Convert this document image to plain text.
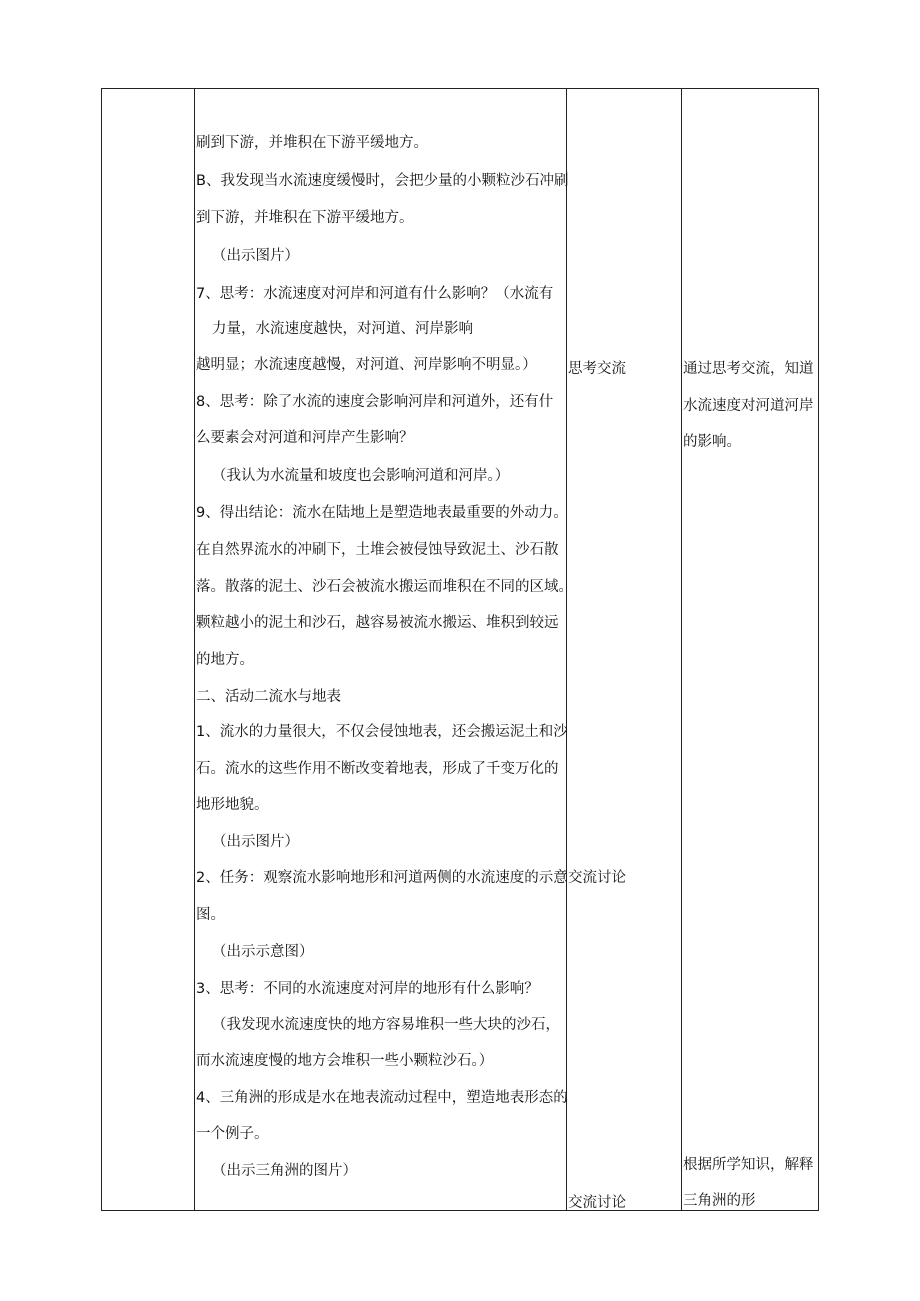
刷到下游，并堆积在下游平缓地方。
B、我发现当水流速度缓慢时，会把少量的小颗粒沙石冲刷
到下游，并堆积在下游平缓地方。
（出示图片）
7、思考：水流速度对河岸和河道有什么影响？（水流有
力量，水流速度越快，对河道、河岸影响
越明显；水流速度越慢，对河道、河岸影响不明显。）
8、思考：除了水流的速度会影响河岸和河道外，还有什
么要素会对河道和河岸产生影响？
（我认为水流量和坡度也会影响河道和河岸。）
9、得出结论：流水在陆地上是塑造地表最重要的外动力。
在自然界流水的冲刷下，土堆会被侵蚀导致泥土、沙石散
落。散落的泥土、沙石会被流水搬运而堆积在不同的区域。
颗粒越小的泥土和沙石，越容易被流水搬运、堆积到较远
的地方。
二、活动二流水与地表
1、流水的力量很大，不仅会侵蚀地表，还会搬运泥土和沙
石。流水的这些作用不断改变着地表，形成了千变万化的
地形地貌。
（出示图片）
2、任务：观察流水影响地形和河道两侧的水流速度的示意
图。
（出示示意图）
3、思考：不同的水流速度对河岸的地形有什么影响？
（我发现水流速度快的地方容易堆积一些大块的沙石，
而水流速度慢的地方会堆积一些小颗粒沙石。）
4、三角洲的形成是水在地表流动过程中，塑造地表形态的
一个例子。
（出示三角洲的图片）
思考交流
交流讨论
交流讨论
通过思考交流，知道
水流速度对河道河岸
的影响。
根据所学知识，解释
三角洲的形
